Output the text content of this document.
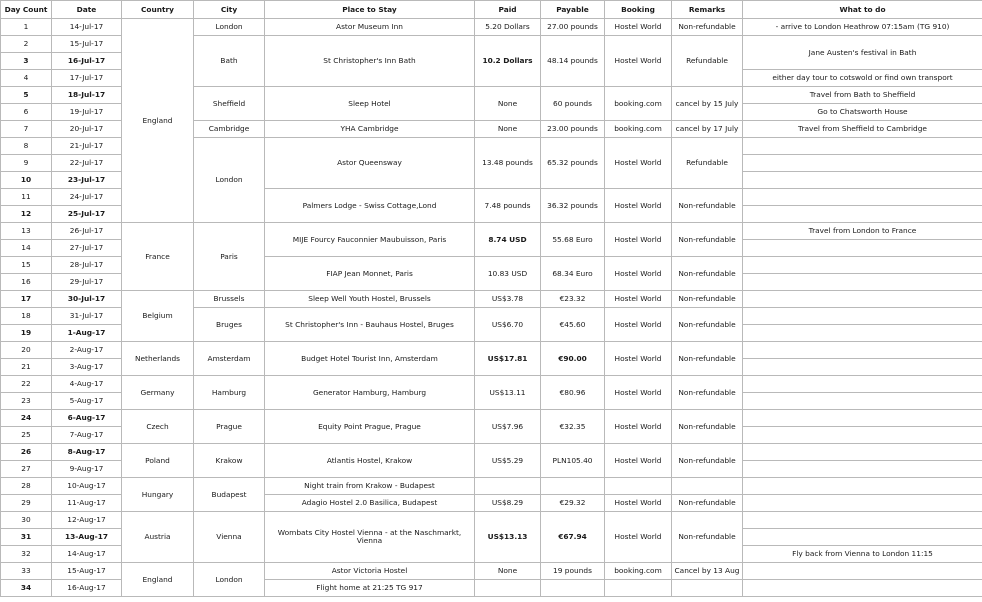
Day Count	Date	Country	City	Place to Stay	Paid	Payable	Booking	Remarks	What to do
1	14-Jul-17	England	London	Astor Museum Inn	5.20 Dollars	27.00 pounds	Hostel World	Non-refundable	- arrive to London Heathrow 07:15am (TG 910)
2	15-Jul-17		Bath	St Christopher's Inn Bath	10.2 Dollars	48.14 pounds	Hostel World	Refundable	Jane Austen's festival in Bath
3	16-Jul-17								
4	17-Jul-17								either day tour to cotswold or find own transport
5	18-Jul-17		Sheffield	Sleep Hotel	None	60 pounds	booking.com	cancel by 15 July	Travel from Bath to Sheffield
6	19-Jul-17								Go to Chatsworth House
7	20-Jul-17		Cambridge	YHA Cambridge	None	23.00 pounds	booking.com	cancel by 17 July	Travel from Sheffield to Cambridge
8	21-Jul-17		London	Astor Queensway	13.48 pounds	65.32 pounds	Hostel World	Refundable	
9	22-Jul-17								
10	23-Jul-17								
11	24-Jul-17			Palmers Lodge - Swiss Cottage,Lond	7.48 pounds	36.32 pounds	Hostel World	Non-refundable	
12	25-Jul-17								
13	26-Jul-17	France	Paris	MIJE Fourcy Fauconnier Maubuisson, Paris	8.74 USD	55.68 Euro	Hostel World	Non-refundable	Travel from London to France
14	27-Jul-17								
15	28-Jul-17			FIAP Jean Monnet, Paris	10.83 USD	68.34 Euro	Hostel World	Non-refundable	
16	29-Jul-17								
17	30-Jul-17	Belgium	Brussels	Sleep Well Youth Hostel, Brussels	US$3.78	€23.32	Hostel World	Non-refundable	
18	31-Jul-17		Bruges	St Christopher's Inn - Bauhaus Hostel, Bruges	US$6.70	€45.60	Hostel World	Non-refundable	
19	1-Aug-17								
20	2-Aug-17	Netherlands	Amsterdam	Budget Hotel Tourist Inn, Amsterdam	US$17.81	€90.00	Hostel World	Non-refundable	
21	3-Aug-17								
22	4-Aug-17	Germany	Hamburg	Generator Hamburg, Hamburg	US$13.11	€80.96	Hostel World	Non-refundable	
23	5-Aug-17								
24	6-Aug-17	Czech	Prague	Equity Point Prague, Prague	US$7.96	€32.35	Hostel World	Non-refundable	
25	7-Aug-17								
26	8-Aug-17	Poland	Krakow	Atlantis Hostel, Krakow	US$5.29	PLN105.40	Hostel World	Non-refundable	
27	9-Aug-17								
28	10-Aug-17	Hungary	Budapest	Night train from Krakow - Budapest					
29	11-Aug-17			Adagio Hostel 2.0 Basilica, Budapest	US$8.29	€29.32	Hostel World	Non-refundable	
30	12-Aug-17	Austria	Vienna	Wombats City Hostel Vienna - at the Naschmarkt, Vienna	US$13.13	€67.94	Hostel World	Non-refundable	
31	13-Aug-17								
32	14-Aug-17								Fly back from Vienna to London 11:15
33	15-Aug-17	England	London	Astor Victoria Hostel	None	19 pounds	booking.com	Cancel by 13 Aug	
34	16-Aug-17			Flight home at 21:25 TG 917					
